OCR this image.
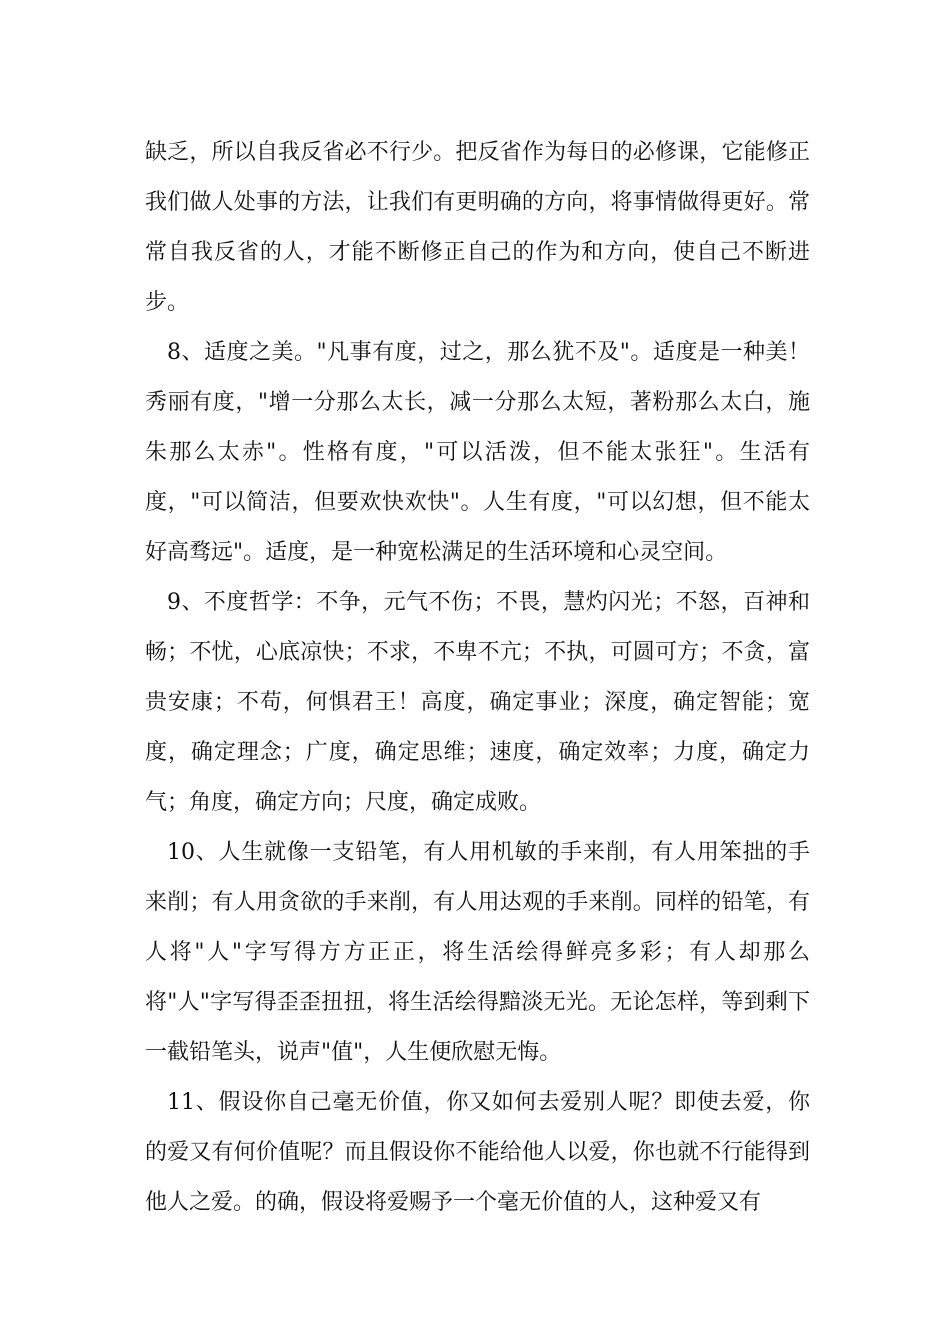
缺乏，所以自我反省必不行少。把反省作为每日的必修课，它能修正我们做人处事的方法，让我们有更明确的方向，将事情做得更好。常常自我反省的人，才能不断修正自己的作为和方向，使自己不断进步。

8、适度之美。"凡事有度，过之，那么犹不及"。适度是一种美！秀丽有度，"增一分那么太长，减一分那么太短，著粉那么太白，施朱那么太赤"。性格有度，"可以活泼，但不能太张狂"。生活有度，"可以简洁，但要欢快欢快"。人生有度，"可以幻想，但不能太好高骛远"。适度，是一种宽松满足的生活环境和心灵空间。

9、不度哲学：不争，元气不伤；不畏，慧灼闪光；不怒，百神和畅；不忧，心底凉快；不求，不卑不亢；不执，可圆可方；不贪，富贵安康；不苟，何惧君王！高度，确定事业；深度，确定智能；宽度，确定理念；广度，确定思维；速度，确定效率；力度，确定力气；角度，确定方向；尺度，确定成败。

10、人生就像一支铅笔，有人用机敏的手来削，有人用笨拙的手来削；有人用贪欲的手来削，有人用达观的手来削。同样的铅笔，有人将"人"字写得方方正正，将生活绘得鲜亮多彩；有人却那么将"人"字写得歪歪扭扭，将生活绘得黯淡无光。无论怎样，等到剩下一截铅笔头，说声"值"，人生便欣慰无悔。

11、假设你自己毫无价值，你又如何去爱别人呢？即使去爱，你的爱又有何价值呢？而且假设你不能给他人以爱，你也就不行能得到他人之爱。的确，假设将爱赐予一个毫无价值的人，这种爱又有
